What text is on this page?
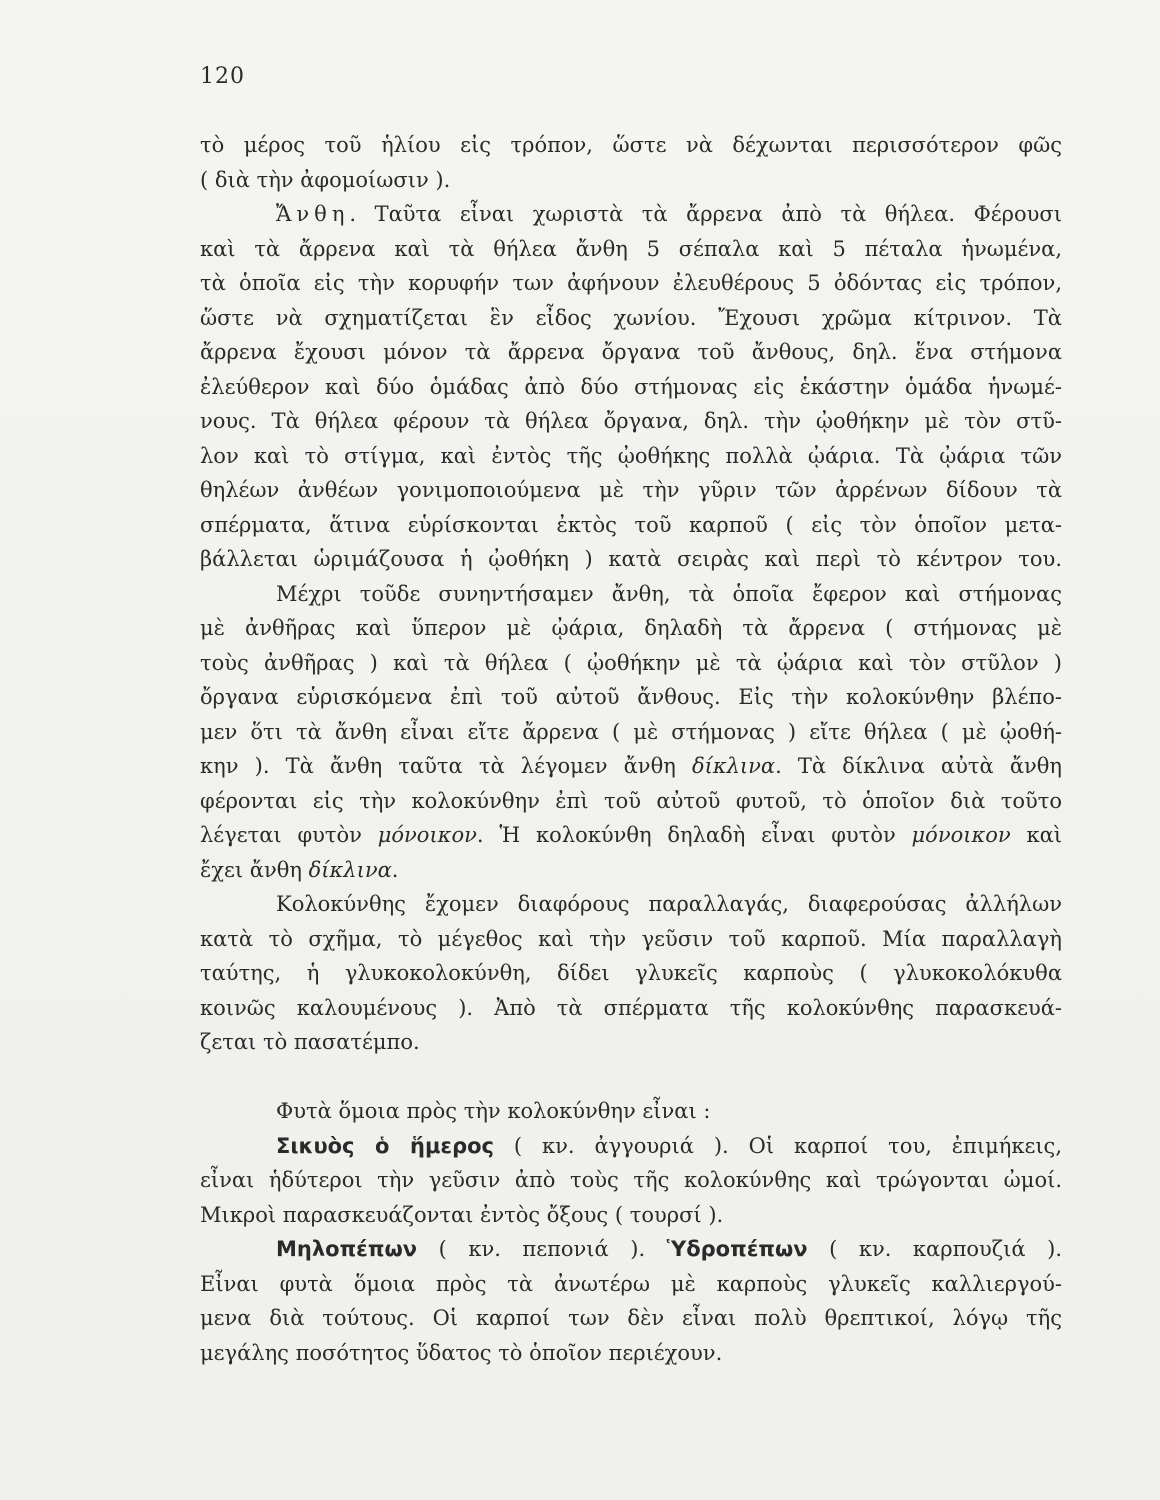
120
τὸ μέρος τοῦ ἡλίου εἰς τρόπον, ὥστε νὰ δέχωνται περισσότερον φῶς
( διὰ τὴν ἀφομοίωσιν ).
Ἄνθη. Ταῦτα εἶναι χωριστὰ τὰ ἄρρενα ἀπὸ τὰ θήλεα. Φέρουσι
καὶ τὰ ἄρρενα καὶ τὰ θήλεα ἄνθη 5 σέπαλα καὶ 5 πέταλα ἡνωμένα,
τὰ ὁποῖα εἰς τὴν κορυφήν των ἀφήνουν ἐλευθέρους 5 ὀδόντας εἰς τρόπον,
ὥστε νὰ σχηματίζεται ἓν εἶδος χωνίου. Ἔχουσι χρῶμα κίτρινον. Τὰ
ἄρρενα ἔχουσι μόνον τὰ ἄρρενα ὄργανα τοῦ ἄνθους, δηλ. ἕνα στήμονα
ἐλεύθερον καὶ δύο ὁμάδας ἀπὸ δύο στήμονας εἰς ἑκάστην ὁμάδα ἡνωμέ-
νους. Τὰ θήλεα φέρουν τὰ θήλεα ὄργανα, δηλ. τὴν ᾠοθήκην μὲ τὸν στῦ-
λον καὶ τὸ στίγμα, καὶ ἐντὸς τῆς ᾠοθήκης πολλὰ ᾠάρια. Τὰ ᾠάρια τῶν
θηλέων ἀνθέων γονιμοποιούμενα μὲ τὴν γῦριν τῶν ἀρρένων δίδουν τὰ
σπέρματα, ἅτινα εὑρίσκονται ἐκτὸς τοῦ καρποῦ ( εἰς τὸν ὁποῖον μετα-
βάλλεται ὡριμάζουσα ἡ ᾠοθήκη ) κατὰ σειρὰς καὶ περὶ τὸ κέντρον του.
Μέχρι τοῦδε συνηντήσαμεν ἄνθη, τὰ ὁποῖα ἔφερον καὶ στήμονας
μὲ ἀνθῆρας καὶ ὕπερον μὲ ᾠάρια, δηλαδὴ τὰ ἄρρενα ( στήμονας μὲ
τοὺς ἀνθῆρας ) καὶ τὰ θήλεα ( ᾠοθήκην μὲ τὰ ᾠάρια καὶ τὸν στῦλον )
ὄργανα εὑρισκόμενα ἐπὶ τοῦ αὐτοῦ ἄνθους. Εἰς τὴν κολοκύνθην βλέπο-
μεν ὅτι τὰ ἄνθη εἶναι εἴτε ἄρρενα ( μὲ στήμονας ) εἴτε θήλεα ( μὲ ᾠοθή-
κην ). Τὰ ἄνθη ταῦτα τὰ λέγομεν ἄνθη δίκλινα. Τὰ δίκλινα αὐτὰ ἄνθη
φέρονται εἰς τὴν κολοκύνθην ἐπὶ τοῦ αὐτοῦ φυτοῦ, τὸ ὁποῖον διὰ τοῦτο
λέγεται φυτὸν μόνοικον. Ἡ κολοκύνθη δηλαδὴ εἶναι φυτὸν μόνοικον καὶ
ἔχει ἄνθη δίκλινα.
Κολοκύνθης ἔχομεν διαφόρους παραλλαγάς, διαφερούσας ἀλλήλων
κατὰ τὸ σχῆμα, τὸ μέγεθος καὶ τὴν γεῦσιν τοῦ καρποῦ. Μία παραλλαγὴ
ταύτης, ἡ γλυκοκολοκύνθη, δίδει γλυκεῖς καρποὺς ( γλυκοκολόκυθα
κοινῶς καλουμένους ). Ἀπὸ τὰ σπέρματα τῆς κολοκύνθης παρασκευά-
ζεται τὸ πασατέμπο.
Φυτὰ ὅμοια πρὸς τὴν κολοκύνθην εἶναι :
Σικυὸς ὁ ἥμερος ( κν. ἀγγουριά ). Οἱ καρποί του, ἐπιμήκεις,
εἶναι ἡδύτεροι τὴν γεῦσιν ἀπὸ τοὺς τῆς κολοκύνθης καὶ τρώγονται ὠμοί.
Μικροὶ παρασκευάζονται ἐντὸς ὄξους ( τουρσί ).
Μηλοπέπων ( κν. πεπονιά ). Ὑδροπέπων ( κν. καρπουζιά ).
Εἶναι φυτὰ ὅμοια πρὸς τὰ ἀνωτέρω μὲ καρποὺς γλυκεῖς καλλιεργού-
μενα διὰ τούτους. Οἱ καρποί των δὲν εἶναι πολὺ θρεπτικοί, λόγῳ τῆς
μεγάλης ποσότητος ὕδατος τὸ ὁποῖον περιέχουν.
